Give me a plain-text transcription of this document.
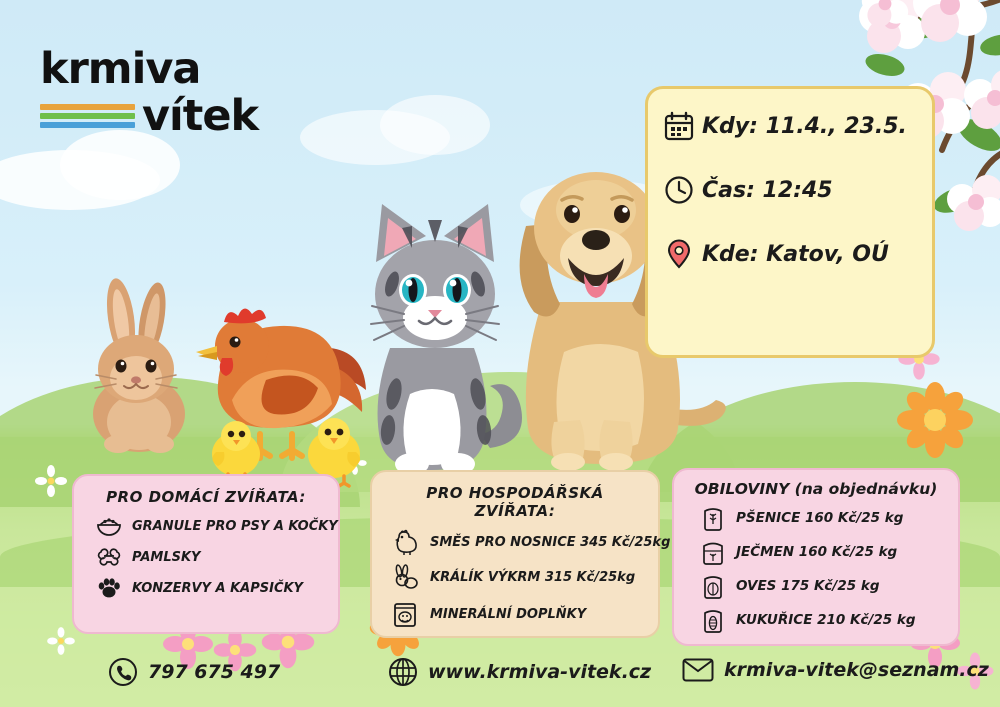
krmiva
vítek	Kdy: 11.4., 23.5.
Čas: 12:45
Kde: Katov, OÚ
PRO DOMÁCÍ ZVÍŘATA:
GRANULE PRO PSY A KOČKY
PAMLSKY
KONZERVY A KAPSIČKY
PRO HOSPODÁŘSKÁ ZVÍŘATA:
SMĚS PRO NOSNICE 345 Kč/25kg
KRÁLÍK VÝKRM 315 Kč/25kg
MINERÁLNÍ DOPLŇKY
OBILOVINY (na objednávku)
PŠENICE 160 Kč/25 kg
JEČMEN 160 Kč/25 kg
OVES 175 Kč/25 kg
KUKUŘICE 210 Kč/25 kg
797 675 497	www.krmiva-vitek.cz	krmiva-vitek@seznam.cz
